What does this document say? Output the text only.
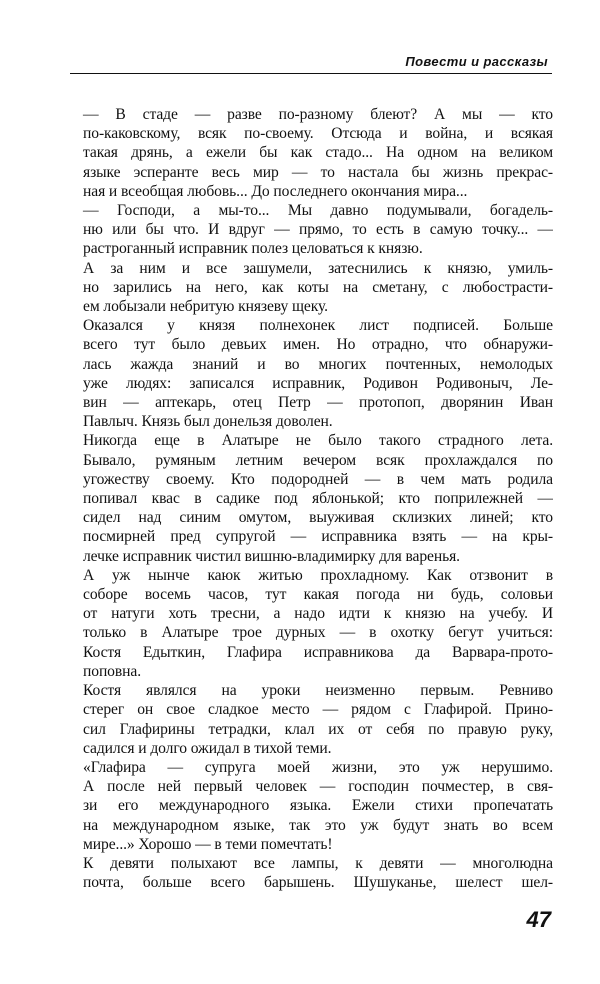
Повести и рассказы

— В стаде — разве по-разному блеют? А мы — кто
по-каковскому, всяк по-своему. Отсюда и война, и всякая
такая дрянь, а ежели бы как стадо... На одном на великом
языке эсперанте весь мир — то настала бы жизнь прекрас-
ная и всеобщая любовь... До последнего окончания мира...

— Господи, а мы-то... Мы давно подумывали, богадель-
ню или бы что. И вдруг — прямо, то есть в самую точку... —
растроганный исправник полез целоваться к князю.

А за ним и все зашумели, затеснились к князю, умиль-
но зарились на него, как коты на сметану, с любострасти-
ем лобызали небритую князеву щеку.

Оказался у князя полнехонек лист подписей. Больше
всего тут было девьих имен. Но отрадно, что обнаружи-
лась жажда знаний и во многих почтенных, немолодых
уже людях: записался исправник, Родивон Родивоныч, Ле-
вин — аптекарь, отец Петр — протопоп, дворянин Иван
Павлыч. Князь был донельзя доволен.

Никогда еще в Алатыре не было такого страдного лета.
Бывало, румяным летним вечером всяк прохлаждался по
угожеству своему. Кто подородней — в чем мать родила
попивал квас в садике под яблонькой; кто поприлежней —
сидел над синим омутом, выуживая склизких линей; кто
посмирней пред супругой — исправника взять — на кры-
лечке исправник чистил вишню-владимирку для варенья.

А уж нынче каюк житью прохладному. Как отзвонит в
соборе восемь часов, тут какая погода ни будь, соловьи
от натуги хоть тресни, а надо идти к князю на учебу. И
только в Алатыре трое дурных — в охотку бегут учиться:
Костя Едыткин, Глафира исправникова да Варвара-прото-
поповна.

Костя являлся на уроки неизменно первым. Ревниво
стерег он свое сладкое место — рядом с Глафирой. Прино-
сил Глафирины тетрадки, клал их от себя по правую руку,
садился и долго ожидал в тихой теми.

«Глафира — супруга моей жизни, это уж нерушимо.
А после ней первый человек — господин почместер, в свя-
зи его международного языка. Ежели стихи пропечатать
на международном языке, так это уж будут знать во всем
мире...» Хорошо — в теми помечтать!

К девяти полыхают все лампы, к девяти — многолюдна
почта, больше всего барышень. Шушуканье, шелест шел-

47
